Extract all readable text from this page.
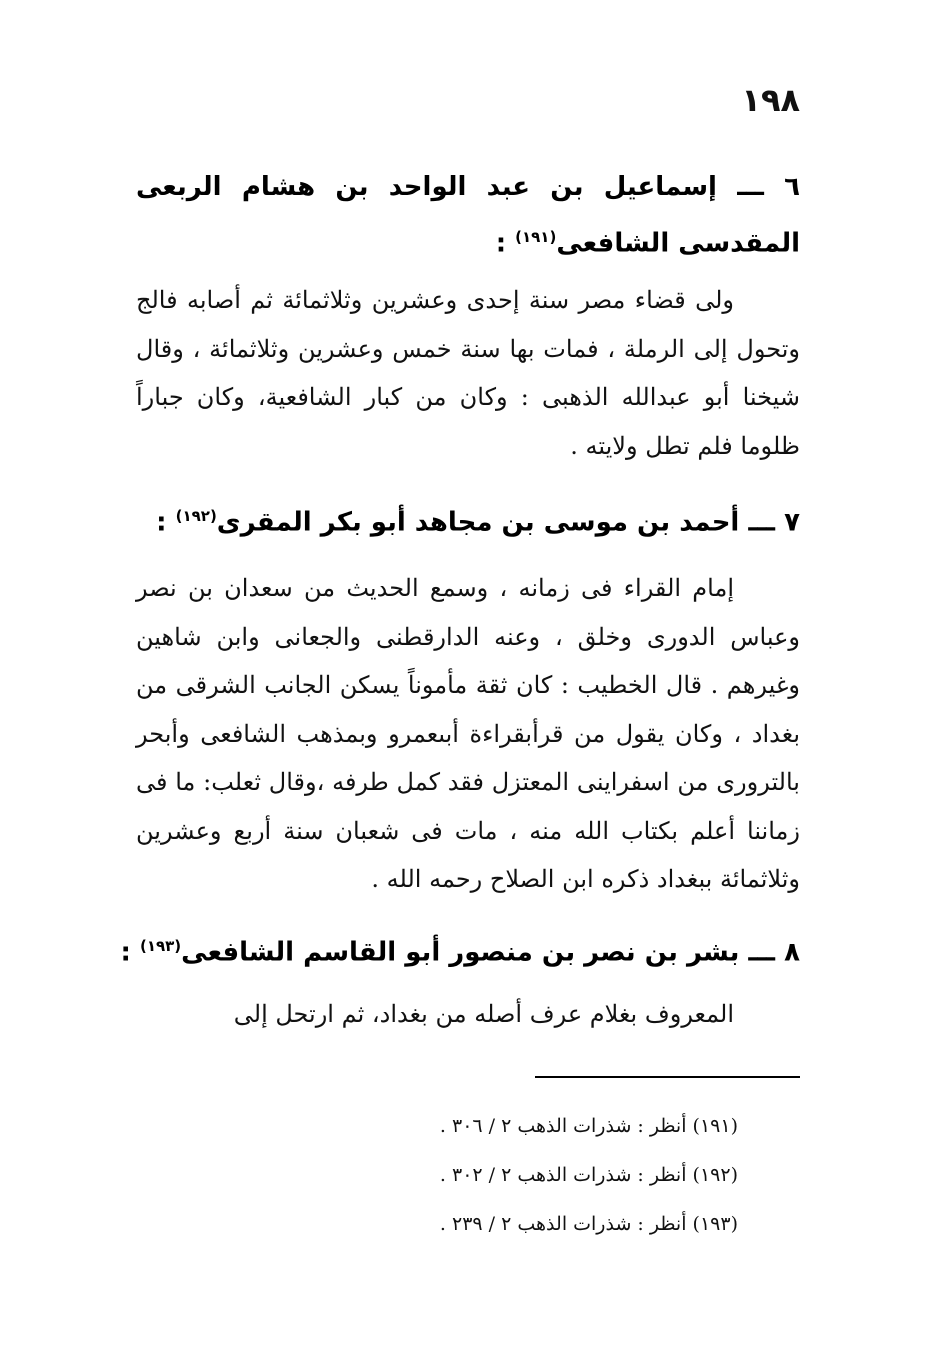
١٩٨

٦ ـــ إسماعيل بن عبد الواحد بن هشام الربعى المقدسى الشافعى$^{(١٩١)}$ :

ولى قضاء مصر سنة إحدى وعشرين وثلاثمائة ثم أصابه فالج وتحول إلى الرملة ، فمات بها سنة خمس وعشرين وثلاثمائة ، وقال شيخنا أبو عبدالله الذهبى : وكان من كبار الشافعية، وكان جباراً ظلوما فلم تطل ولايته .

٧ ـــ أحمد بن موسى بن مجاهد أبو بكر المقرى$^{(١٩٢)}$ :

إمام القراء فى زمانه ، وسمع الحديث من سعدان بن نصر وعباس الدورى وخلق ، وعنه الدارقطنى والجعانى وابن شاهين وغيرهم . قال الخطيب : كان ثقة مأموناً يسكن الجانب الشرقى من بغداد ، وكان يقول من قرأبقراءة أبىعمرو وبمذهب الشافعى وأبحر بالترورى من اسفراينى المعتزل فقد كمل طرفه ،وقال ثعلب: ما فى زماننا أعلم بكتاب الله منه ، مات فى شعبان سنة أربع وعشرين وثلاثمائة ببغداد ذكره ابن الصلاح رحمه الله .

٨ ـــ بشر بن نصر بن منصور أبو القاسم الشافعى$^{(١٩٣)}$ :

المعروف بغلام عرف أصله من بغداد، ثم ارتحل إلى

(١٩١) أنظر : شذرات الذهب ٢ / ٣٠٦ .
(١٩٢) أنظر : شذرات الذهب ٢ / ٣٠٢ .
(١٩٣) أنظر : شذرات الذهب ٢ / ٢٣٩ .
